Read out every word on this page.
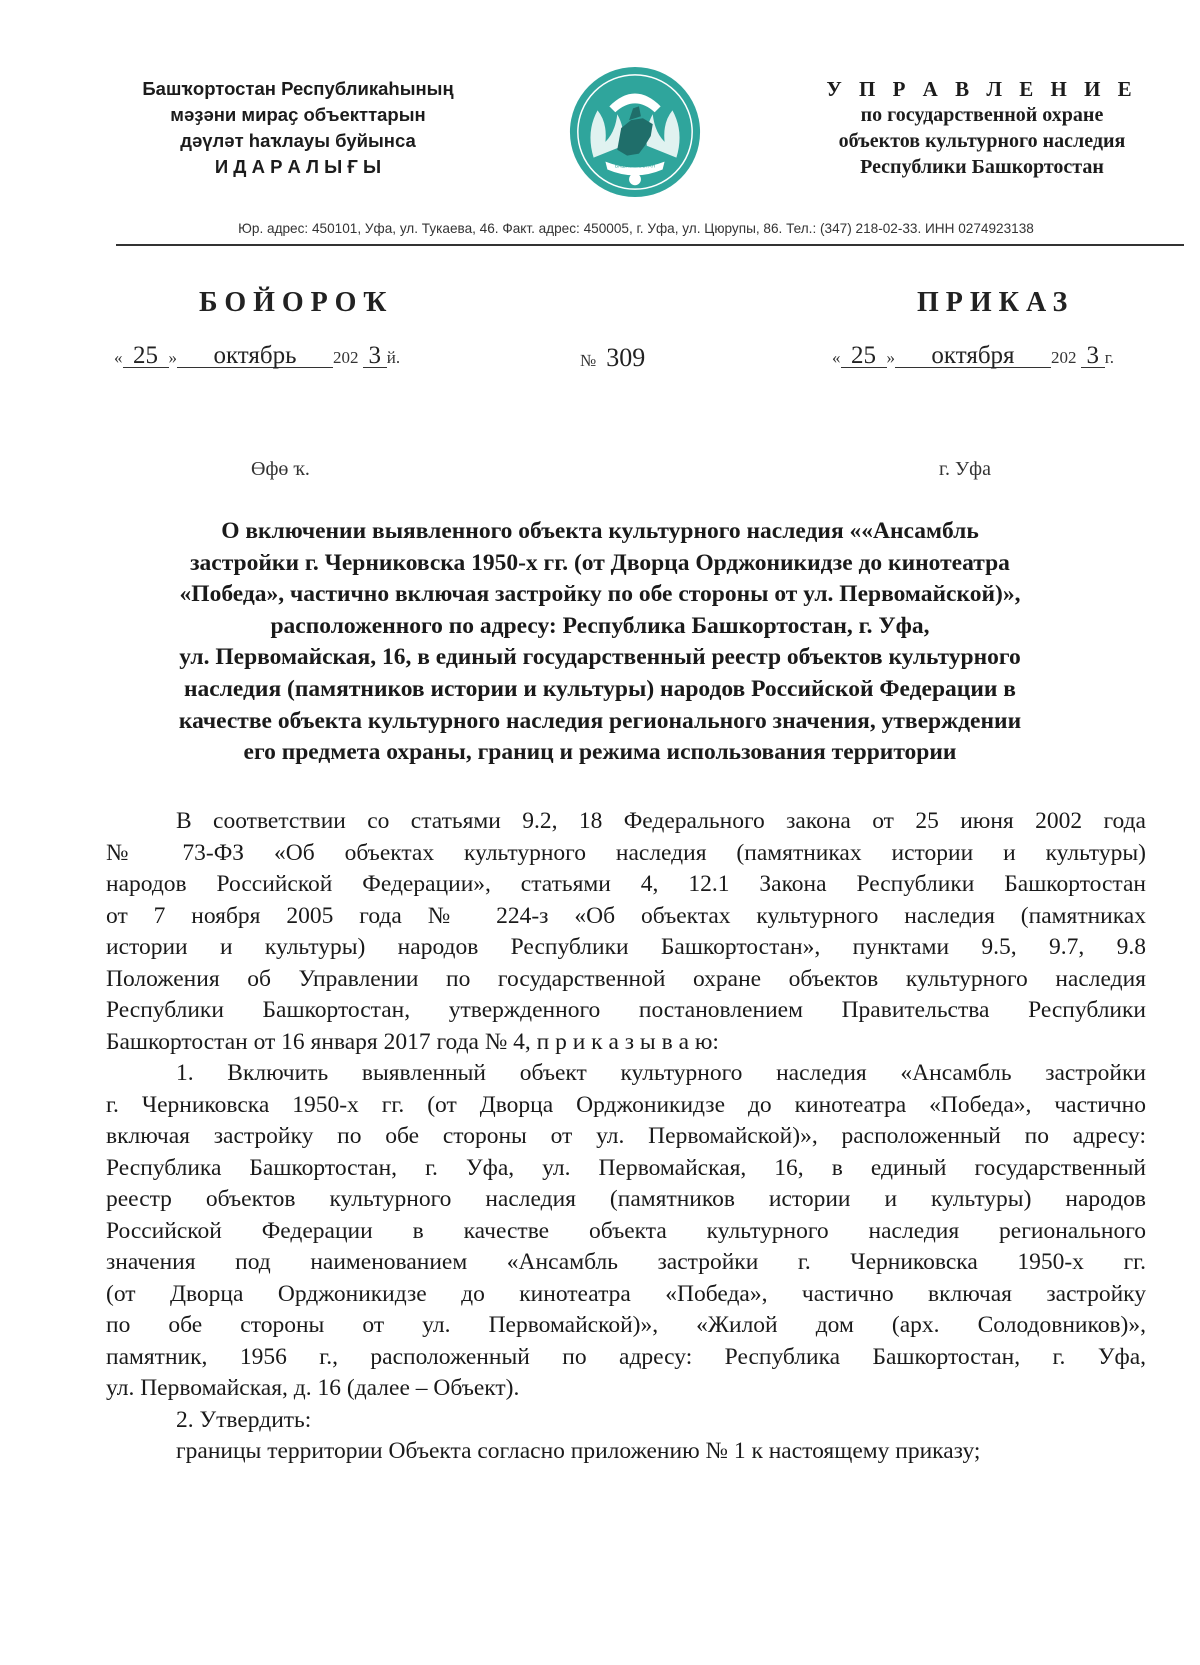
Башҡортостан Республикаһының
мәҙәни мираҫ объекттарын
дәүләт һаҡлауы буйынса
И Д А Р А Л Ы Ғ Ы	БАШКОРТОСТАН
У П Р А В Л Е Н И Е
по государственной охране
объектов культурного наследия
Республики Башкортостан
Юр. адрес: 450101, Уфа, ул. Тукаева, 46. Факт. адрес: 450005, г. Уфа, ул. Цюрупы, 86. Тел.: (347) 218-02-33. ИНН 0274923138
БОЙОРОҠ	ПРИКАЗ
« 25 » октябрь 202 3 й.	№ 309	« 25 » октября 202 3 г.
Өфө ҡ.	г. Уфа
О включении выявленного объекта культурного наследия ««Ансамбль
застройки г. Черниковска 1950-х гг. (от Дворца Орджоникидзе до кинотеатра
«Победа», частично включая застройку по обе стороны от ул. Первомайской)»,
расположенного по адресу: Республика Башкортостан, г. Уфа,
ул. Первомайская, 16, в единый государственный реестр объектов культурного
наследия (памятников истории и культуры) народов Российской Федерации в
качестве объекта культурного наследия регионального значения, утверждении
его предмета охраны, границ и режима использования территории
В соответствии со статьями 9.2, 18 Федерального закона от 25 июня 2002 года
№ 73-ФЗ «Об объектах культурного наследия (памятниках истории и культуры)
народов Российской Федерации», статьями 4, 12.1 Закона Республики Башкортостан
от 7 ноября 2005 года № 224-з «Об объектах культурного наследия (памятниках
истории и культуры) народов Республики Башкортостан», пунктами 9.5, 9.7, 9.8
Положения об Управлении по государственной охране объектов культурного наследия
Республики Башкортостан, утвержденного постановлением Правительства Республики
Башкортостан от 16 января 2017 года № 4, п р и к а з ы в а ю:
1. Включить выявленный объект культурного наследия «Ансамбль застройки
г. Черниковска 1950-х гг. (от Дворца Орджоникидзе до кинотеатра «Победа», частично
включая застройку по обе стороны от ул. Первомайской)», расположенный по адресу:
Республика Башкортостан, г. Уфа, ул. Первомайская, 16, в единый государственный
реестр объектов культурного наследия (памятников истории и культуры) народов
Российской Федерации в качестве объекта культурного наследия регионального
значения под наименованием «Ансамбль застройки г. Черниковска 1950-х гг.
(от Дворца Орджоникидзе до кинотеатра «Победа», частично включая застройку
по обе стороны от ул. Первомайской)», «Жилой дом (арх. Солодовников)»,
памятник, 1956 г., расположенный по адресу: Республика Башкортостан, г. Уфа,
ул. Первомайская, д. 16 (далее – Объект).
2. Утвердить:
границы территории Объекта согласно приложению № 1 к настоящему приказу;
